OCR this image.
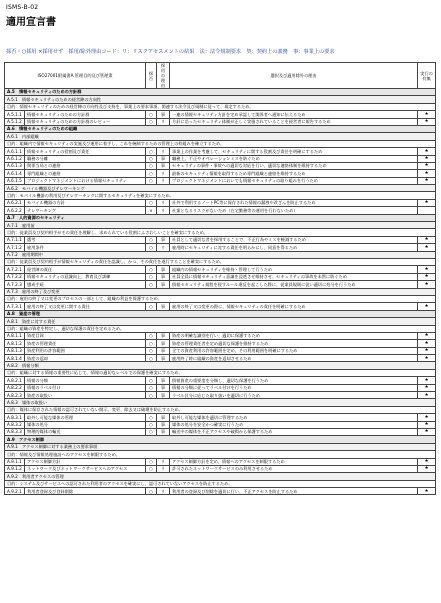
ISMS-B-02
適用宣言書
採否・○採用 ×採用せず　採用/除外理由コード：リ：リスクアセスメントの結果　法：法令規制要求　契：契約上の義務　事：事業上の要求
ISO27001附属書A 管理目的及び管理策		採否	採用の理由	選択及び適用除外の理由	実行の有無
A.5　情報セキュリティのための方針群					
A.5.1　情報セキュリティのための経営陣の方向性					
目的：情報セキュリティのための経営陣の方向性及び支持を、事業上の要求事項、関連する法令及び規制に従って、規定するため。					
A.5.1.1	情報セキュリティのための方針群	○	事	一連の情報セキュリティ方針を定め承認して関係者へ通知に伝えるため	★
A.5.1.2	情報セキュリティのための方針群のレビュー	○	リ	方針に沿ったセキュリティ体制が正しく実施されていることを経営者に報告するため	★
A.6　情報セキュリティのための組織					
A.6.1　内部組織					
目的：組織内で情報セキュリティの実施及び運用に着手し、これを統制するための管理上の枠組みを確立するため。					
A.6.1.1	情報セキュリティの役割及び責任	○	リ	事業上の作業を考慮して、セキュリティに関する役割及び責任を明確にするため	★
A.6.1.2	職務の分離	○	事	職務上、不正やオペレーションミスを防ぐため	★
A.6.1.3	関係当局との連絡	○	事	セキュリティの事件・事故への適切な対応を行い、適切な連絡体制を維持するため	★
A.6.1.4	専門組織との連絡	○	リ	最新のセキュリティ情報を取得するため専門組織と連絡を維持するため	★
A.6.1.5	プロジェクトマネジメントにおける情報セキュリティ	○	リ	プロジェクトマネジメントにおいても情報セキュリティの取り組みを行うため	★
A.6.2　モバイル機器及びテレワーキング					
目的：モバイル機器の利用及びテレワーキングに関するセキュリティを確実にするため。					
A.6.2.1	モバイル機器の方針	○	リ	社外で利用するノートPC等に保存された情報の漏洩や改ざんを防止するため	★
A.6.2.2	テレワーキング	×	リ	社業となるリスクがないため（在宅勤務等の運用を行わないため）	
A.7　人的資源のセキュリティ					
A.7.1　雇用前					
目的：従業員及び契約相手がその責任を理解し、求められている役割にふさわしいことを確実にするため。					
A.7.1.1	選考	○	事	社員として適切な者を採用することで、不正行為やミスを軽減するため	★
A.7.1.2	雇用条件	○	リ	雇用時にセキュリティに対する責任を明らかにし、同意を得るため	★
A.7.2　雇用期間中					
目的：従業員及び契約相手が情報セキュリティの責任を認識し、かつ、その責任を遂行することを確実にするため。					
A.7.2.1	経営陣の責任	○	事	組織内の情報セキュリティを維持・管理して行うため	★
A.7.2.2	情報セキュリティの意識向上、教育及び訓練	○	事	社員全員に情報セキュリティ意識を浸透させ維持させ、セキュリティの事故を未然に防ぐため	★
A.7.2.3	懲戒手続	○	事	情報セキュリティ規程を侵すルール違反を起こした際に、従業員規則に従い適切に処分を行うため	★
A.7.3　雇用の終了及び変更					
目的：雇用の終了又は変更のプロセスの一部として、組織の利益を保護するため。					
A.7.3.1	雇用の終了又は変更に関する責任	○	事	雇用の終了又は変更の際に、情報セキュリティの責任を明確にするため	★
A.8　資産の管理					
A.8.1　資産に対する責任					
目的：組織の資産を特定し、適切な保護の責任を定めるため。					
A.8.1.1	資産目録	○	事	資産の明確な識別を行い、適切に保護するため	★
A.8.1.2	資産の管理責任	○	事	資産の管理責任者を定め適切な保護を維持するため	★
A.8.1.3	資産利用の許容範囲	○	事	全ての資産利用の許容範囲を定め、その利用範囲を明確にするため	★
A.8.1.4	資産の返却	○	事	雇用終了時に組織の資産を返却させるため	★
A.8.2　情報分類					
目的：組織に対する情報の重要性に応じて、情報の適切なレベルでの保護を確実にするため。					
A.8.2.1	情報の分類	○	事	情報資産の重要度を分類し、適切な保護を行うため	★
A.8.2.2	情報のラベル付け	○	事	情報の分類に従ってラベル付けを行うため	★
A.8.2.3	資産の取扱い	○	事	ラベル区分に応じた取り扱いを適切に行うため	★
A.8.3　媒体の取扱い					
目的：媒体に保存された情報の認可されていない開示、変更、除去又は破壊を防止するため。					
A.8.3.1	取外し可能な媒体の管理	○	事	取外し可能な媒体を適切に管理するため	★
A.8.3.2	媒体の処分	○	事	媒体の処分を安全かつ確実に行うため	★
A.8.3.3	物理的媒体の輸送	○	事	輸送中の媒体を不正アクセスや破損から保護するため	★
A.9　アクセス制御					
A.9.1　アクセス制御に対する業務上の要求事項					
目的：情報及び情報処理施設へのアクセスを制限するため。					
A.9.1.1	アクセス制御方針	○	リ	アクセス制御方針を定め、情報へのアクセスを制限するため	★
A.9.1.2	ネットワーク及びネットワークサービスへのアクセス	○	リ	許可されたネットワークサービスのみ利用させるため	★
A.9.2　利用者アクセスの管理					
目的：システム及びサービスへの認可された利用者のアクセスを確実にし、認可されていないアクセスを防止するため。					
A.9.2.1	利用者登録及び登録削除	○	リ	利用者の登録及び削除を適切に行い、不正アクセスを防止するため	★
